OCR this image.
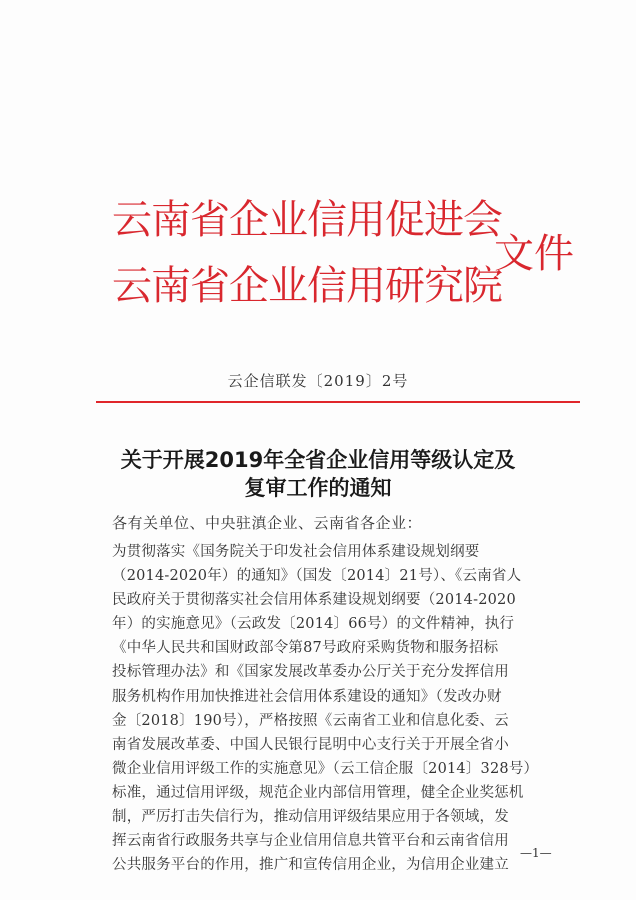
云南省企业信用促进会
云南省企业信用研究院
文件
云企信联发〔2019〕2号
关于开展2019年全省企业信用等级认定及
复审工作的通知
各有关单位、中央驻滇企业、云南省各企业：
为贯彻落实《国务院关于印发社会信用体系建设规划纲要
（2014-2020年）的通知》（国发〔2014〕21号）、《云南省人
民政府关于贯彻落实社会信用体系建设规划纲要（2014-2020
年）的实施意见》（云政发〔2014〕66号）的文件精神，执行
《中华人民共和国财政部令第87号政府采购货物和服务招标
投标管理办法》和《国家发展改革委办公厅关于充分发挥信用
服务机构作用加快推进社会信用体系建设的通知》（发改办财
金〔2018〕190号），严格按照《云南省工业和信息化委、云
南省发展改革委、中国人民银行昆明中心支行关于开展全省小
微企业信用评级工作的实施意见》（云工信企服〔2014〕328号）
标准，通过信用评级，规范企业内部信用管理，健全企业奖惩机
制，严厉打击失信行为，推动信用评级结果应用于各领域，发
挥云南省行政服务共享与企业信用信息共管平台和云南省信用
公共服务平台的作用，推广和宣传信用企业，为信用企业建立
—1—
